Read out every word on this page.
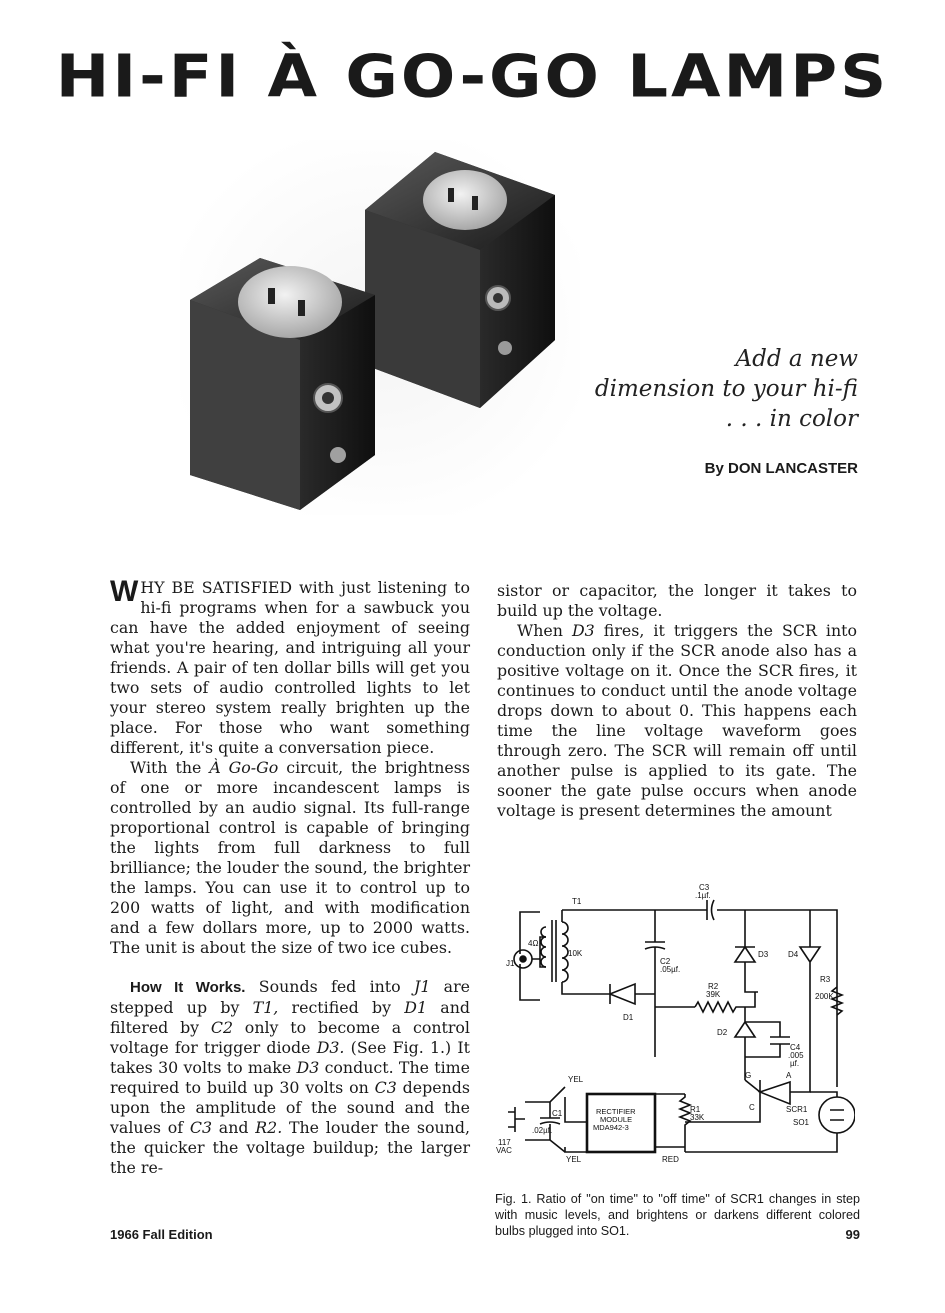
HI-FI À GO-GO LAMPS
Add a new
dimension to your hi-fi
. . . in color
By DON LANCASTER

WHY BE SATISFIED with just listening to hi-fi programs when for a sawbuck you can have the added enjoyment of seeing what you're hearing, and intriguing all your friends. A pair of ten dollar bills will get you two sets of audio controlled lights to let your stereo system really brighten up the place. For those who want something different, it's quite a conversation piece.

With the À Go-Go circuit, the brightness of one or more incandescent lamps is controlled by an audio signal. Its full-range proportional control is capable of bringing the lights from full darkness to full brilliance; the louder the sound, the brighter the lamps. You can use it to control up to 200 watts of light, and with modification and a few dollars more, up to 2000 watts. The unit is about the size of two ice cubes.

How It Works. Sounds fed into J1 are stepped up by T1, rectified by D1 and filtered by C2 only to become a control voltage for trigger diode D3. (See Fig. 1.) It takes 30 volts to make D3 conduct. The time required to build up 30 volts on C3 depends upon the amplitude of the sound and the values of C3 and R2. The louder the sound, the quicker the voltage buildup; the larger the re-

sistor or capacitor, the longer it takes to build up the voltage.

When D3 fires, it triggers the SCR into conduction only if the SCR anode also has a positive voltage on it. Once the SCR fires, it continues to conduct until the anode voltage drops down to about 0. This happens each time the line voltage waveform goes through zero. The SCR will remain off until another pulse is applied to its gate. The sooner the gate pulse occurs when anode voltage is present determines the amount

T1
J1
4Ω
10K
C2
.05µf.
C3
.1µf.
D1
D3 D4
R2
39K
R3
200K
D2
C4
.005
µf.
G	A
C	SCR1
SO1
RECTIFIER
MODULE
MDA942-3
R1
33K
C1
.02µf.
117
VAC
YEL
YEL	RED
Fig. 1. Ratio of "on time" to "off time" of SCR1 changes in step with music levels, and brightens or darkens different colored bulbs plugged into SO1.
1966 Fall Edition	99
